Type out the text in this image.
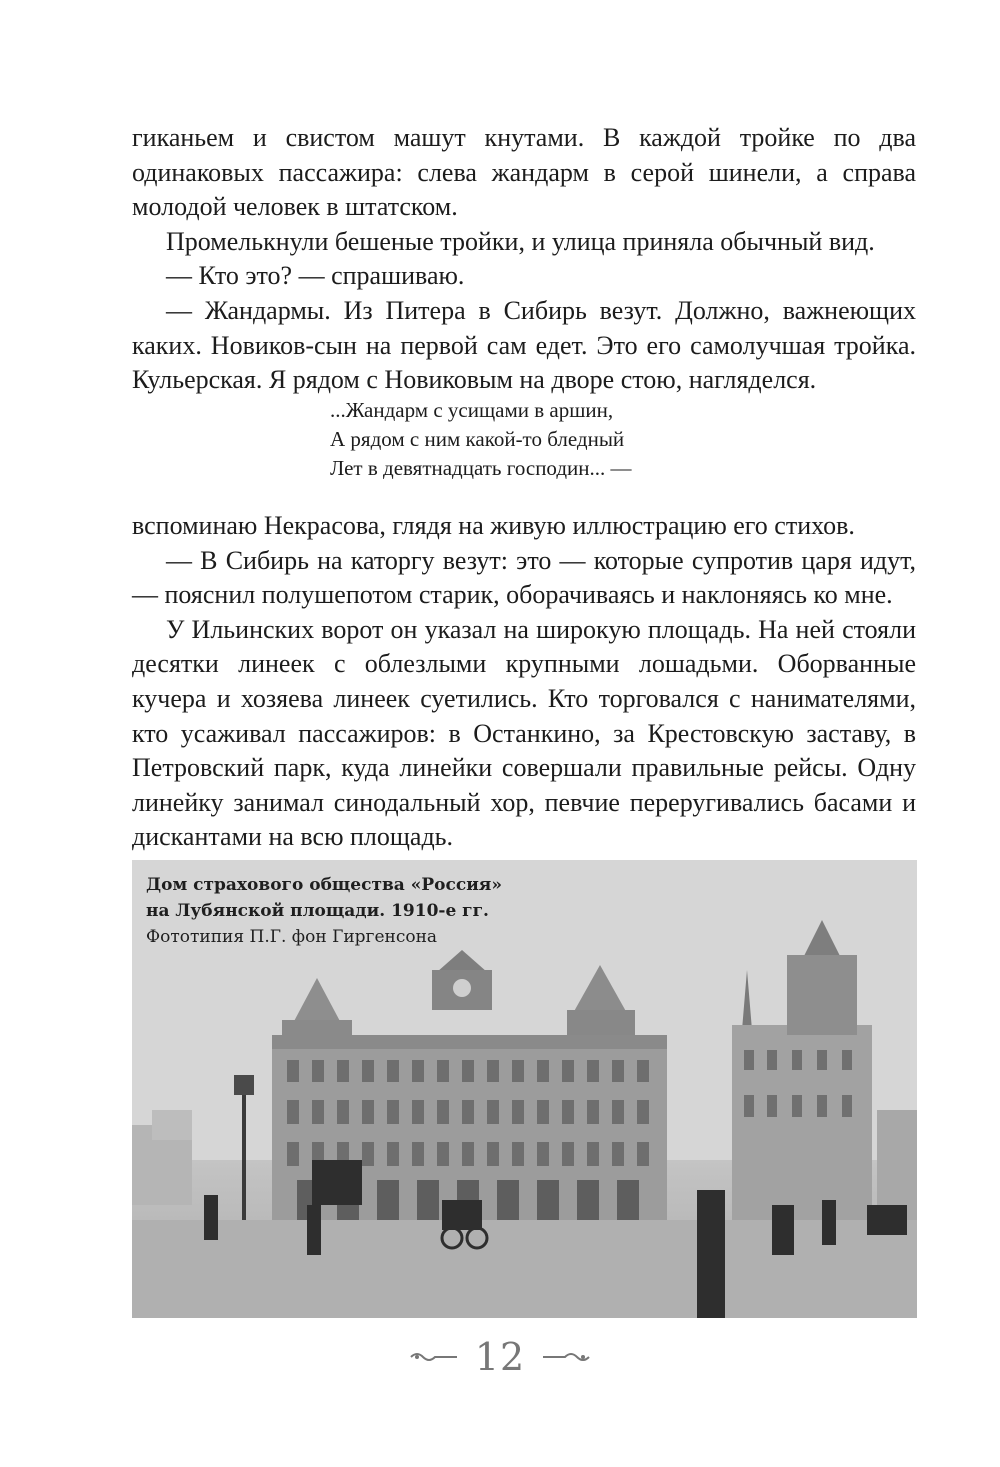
гиканьем и свистом машут кнутами. В каждой тройке по два одинаковых пассажира: слева жандарм в серой шинели, а справа молодой человек в штатском.

Промелькнули бешеные тройки, и улица приняла обычный вид.

— Кто это? — спрашиваю.

— Жандармы. Из Питера в Сибирь везут. Должно, важнеющих каких. Новиков-сын на первой сам едет. Это его самолучшая тройка. Кульерская. Я рядом с Новиковым на дворе стою, нагляделся.

...Жандарм с усищами в аршин,
А рядом с ним какой-то бледный
Лет в девятнадцать господин... —

вспоминаю Некрасова, глядя на живую иллюстрацию его стихов.

— В Сибирь на каторгу везут: это — которые супротив царя идут, — пояснил полушепотом старик, оборачиваясь и наклоняясь ко мне.

У Ильинских ворот он указал на широкую площадь. На ней стояли десятки линеек с облезлыми крупными лошадьми. Оборванные кучера и хозяева линеек суетились. Кто торговался с нанимателями, кто усаживал пассажиров: в Останкино, за Крестовскую заставу, в Петровский парк, куда линейки совершали правильные рейсы. Одну линейку занимал синодальный хор, певчие переругивались басами и дискантами на всю площадь.

Дом страхового общества «Россия»
на Лубянской площади. 1910-е гг.
Фототипия П.Г. фон Гиргенсона
12
